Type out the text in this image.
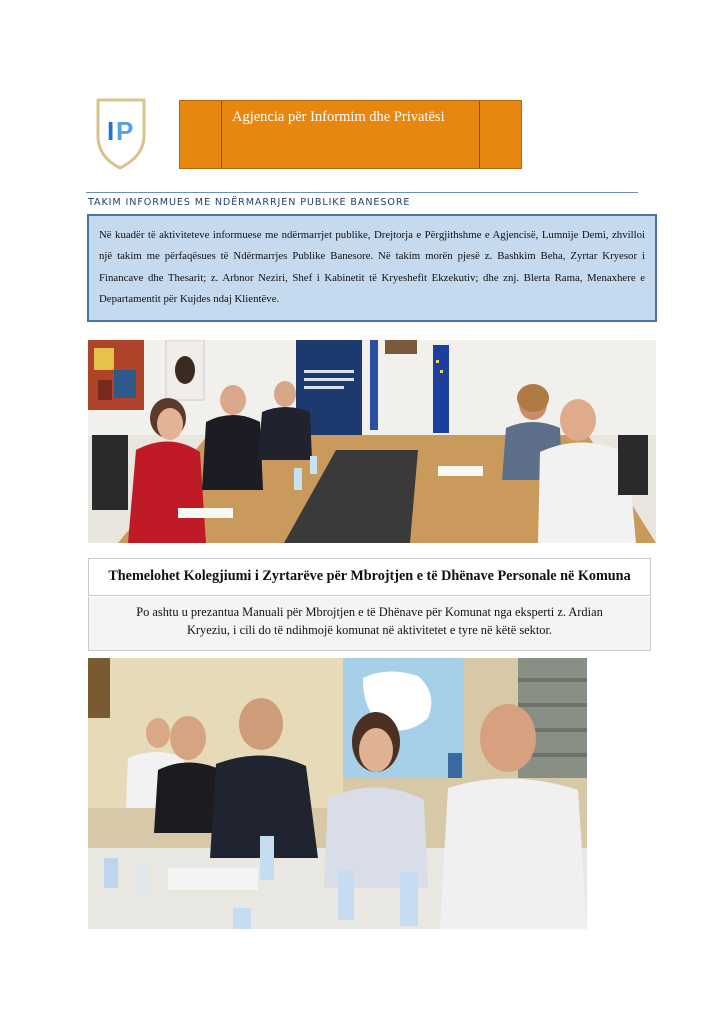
I P	Agjencia për Informim dhe Privatësi
TAKIM INFORMUES ME NDËRMARRJEN PUBLIKE BANESORE
Në kuadër të aktiviteteve informuese me ndërmarrjet publike, Drejtorja e Përgjithshme e Agjencisë, Lumnije Demi, zhvilloi një takim me përfaqësues të Ndërmarrjes Publike Banesore. Në takim morën pjesë z. Bashkim Beha, Zyrtar Kryesor i Financave dhe Thesarit; z. Arbnor Neziri, Shef i Kabinetit të Kryeshefit Ekzekutiv; dhe znj. Blerta Rama, Menaxhere e Departamentit për Kujdes ndaj Klientëve.
Themelohet Kolegjiumi i Zyrtarëve për Mbrojtjen e të Dhënave Personale në Komuna
Po ashtu u prezantua Manuali për Mbrojtjen e të Dhënave për Komunat nga eksperti z. Ardian Kryeziu, i cili do të ndihmojë komunat në aktivitetet e tyre në këtë sektor.
